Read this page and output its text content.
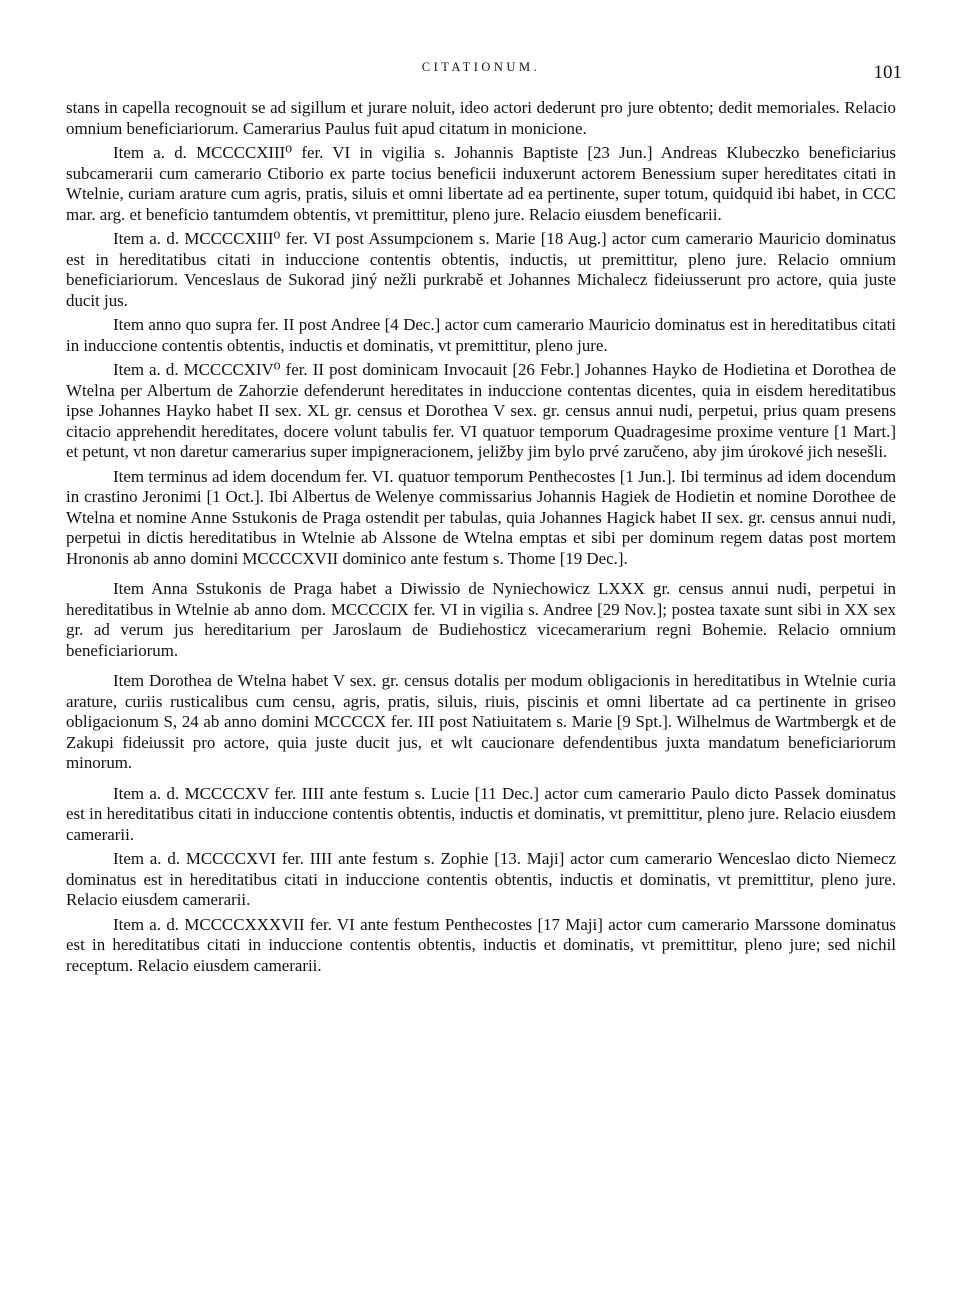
CITATIONUM.	101

stans in capella recognouit se ad sigillum et jurare noluit, ideo actori dederunt pro jure obtento; dedit memoriales. Relacio omnium beneficiariorum. Camerarius Paulus fuit apud citatum in monicione.

Item a. d. MCCCCXIII⁰ fer. VI in vigilia s. Johannis Baptiste [23 Jun.] Andreas Klubeczko beneficiarius subcamerarii cum camerario Ctiborio ex parte tocius beneficii induxerunt actorem Benessium super hereditates citati in Wtelnie, curiam arature cum agris, pratis, siluis et omni libertate ad ea pertinente, super totum, quidquid ibi habet, in CCC mar. arg. et beneficio tantumdem obtentis, vt premittitur, pleno jure. Relacio eiusdem beneficarii.

Item a. d. MCCCCXIII⁰ fer. VI post Assumpcionem s. Marie [18 Aug.] actor cum camerario Mauricio dominatus est in hereditatibus citati in induccione contentis obtentis, inductis, ut premittitur, pleno jure. Relacio omnium beneficiariorum. Venceslaus de Sukorad jiný nežli purkrabě et Johannes Michalecz fideiusserunt pro actore, quia juste ducit jus.

Item anno quo supra fer. II post Andree [4 Dec.] actor cum camerario Mauricio dominatus est in hereditatibus citati in induccione contentis obtentis, inductis et dominatis, vt premittitur, pleno jure.

Item a. d. MCCCCXIV⁰ fer. II post dominicam Invocauit [26 Febr.] Johannes Hayko de Hodietina et Dorothea de Wtelna per Albertum de Zahorzie defenderunt hereditates in induccione contentas dicentes, quia in eisdem hereditatibus ipse Johannes Hayko habet II sex. XL gr. census et Dorothea V sex. gr. census annui nudi, perpetui, prius quam presens citacio apprehendit hereditates, docere volunt tabulis fer. VI quatuor temporum Quadragesime proxime venture [1 Mart.] et petunt, vt non daretur camerarius super impigneracionem, jeližby jim bylo prvé zaručeno, aby jim úrokové jich nesešli.

Item terminus ad idem docendum fer. VI. quatuor temporum Penthecostes [1 Jun.]. Ibi terminus ad idem docendum in crastino Jeronimi [1 Oct.]. Ibi Albertus de Welenye commissarius Johannis Hagiek de Hodietin et nomine Dorothee de Wtelna et nomine Anne Sstukonis de Praga ostendit per tabulas, quia Johannes Hagick habet II sex. gr. census annui nudi, perpetui in dictis hereditatibus in Wtelnie ab Alssone de Wtelna emptas et sibi per dominum regem datas post mortem Hrononis ab anno domini MCCCCXVII dominico ante festum s. Thome [19 Dec.].

Item Anna Sstukonis de Praga habet a Diwissio de Nyniechowicz LXXX gr. census annui nudi, perpetui in hereditatibus in Wtelnie ab anno dom. MCCCCIX fer. VI in vigilia s. Andree [29 Nov.]; postea taxate sunt sibi in XX sex gr. ad verum jus hereditarium per Jaroslaum de Budiehosticz vicecamerarium regni Bohemie. Relacio omnium beneficiariorum.

Item Dorothea de Wtelna habet V sex. gr. census dotalis per modum obligacionis in hereditatibus in Wtelnie curia arature, curiis rusticalibus cum censu, agris, pratis, siluis, riuis, piscinis et omni libertate ad ca pertinente in griseo obligacionum S, 24 ab anno domini MCCCCX fer. III post Natiuitatem s. Marie [9 Spt.]. Wilhelmus de Wartmbergk et de Zakupi fideiussit pro actore, quia juste ducit jus, et wlt caucionare defendentibus juxta mandatum beneficiariorum minorum.

Item a. d. MCCCCXV fer. IIII ante festum s. Lucie [11 Dec.] actor cum camerario Paulo dicto Passek dominatus est in hereditatibus citati in induccione contentis obtentis, inductis et dominatis, vt premittitur, pleno jure. Relacio eiusdem camerarii.

Item a. d. MCCCCXVI fer. IIII ante festum s. Zophie [13. Maji] actor cum camerario Wenceslao dicto Niemecz dominatus est in hereditatibus citati in induccione contentis obtentis, inductis et dominatis, vt premittitur, pleno jure. Relacio eiusdem camerarii.

Item a. d. MCCCCXXXVII fer. VI ante festum Penthecostes [17 Maji] actor cum camerario Marssone dominatus est in hereditatibus citati in induccione contentis obtentis, inductis et dominatis, vt premittitur, pleno jure; sed nichil receptum. Relacio eiusdem camerarii.
